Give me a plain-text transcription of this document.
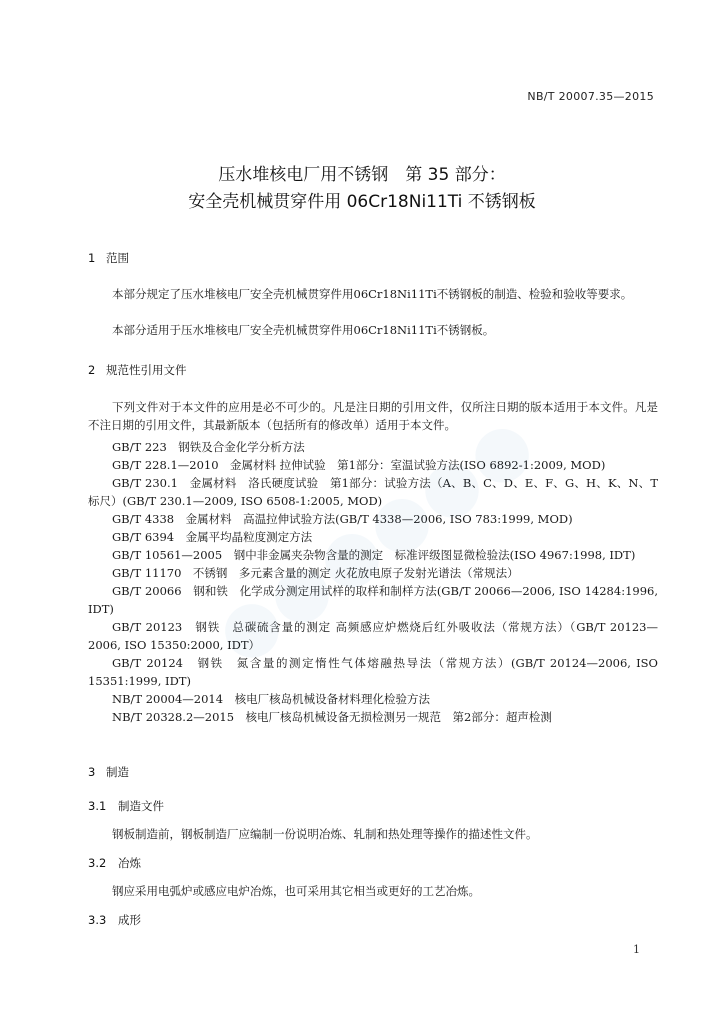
NB/T 20007.35—2015
压水堆核电厂用不锈钢　第 35 部分：
安全壳机械贯穿件用 06Cr18Ni11Ti 不锈钢板
1 范围

本部分规定了压水堆核电厂安全壳机械贯穿件用06Cr18Ni11Ti不锈钢板的制造、检验和验收等要求。

本部分适用于压水堆核电厂安全壳机械贯穿件用06Cr18Ni11Ti不锈钢板。

2 规范性引用文件

下列文件对于本文件的应用是必不可少的。凡是注日期的引用文件，仅所注日期的版本适用于本文件。凡是不注日期的引用文件，其最新版本（包括所有的修改单）适用于本文件。

GB/T 223　钢铁及合金化学分析方法

GB/T 228.1—2010　金属材料 拉伸试验　第1部分：室温试验方法(ISO 6892-1:2009, MOD)

GB/T 230.1　金属材料　洛氏硬度试验　第1部分：试验方法（A、B、C、D、E、F、G、H、K、N、T标尺）(GB/T 230.1—2009, ISO 6508-1:2005, MOD)

GB/T 4338　金属材料　高温拉伸试验方法(GB/T 4338—2006, ISO 783:1999, MOD)

GB/T 6394　金属平均晶粒度测定方法

GB/T 10561—2005　钢中非金属夹杂物含量的测定　标准评级图显微检验法(ISO 4967:1998, IDT)

GB/T 11170　不锈钢　多元素含量的测定 火花放电原子发射光谱法（常规法）

GB/T 20066　钢和铁　化学成分测定用试样的取样和制样方法(GB/T 20066—2006, ISO 14284:1996, IDT)

GB/T 20123　钢铁　总碳硫含量的测定 高频感应炉燃烧后红外吸收法（常规方法）（GB/T 20123—2006, ISO 15350:2000, IDT）

GB/T 20124　钢铁　氮含量的测定惰性气体熔融热导法（常规方法）(GB/T 20124—2006, ISO 15351:1999, IDT)

NB/T 20004—2014　核电厂核岛机械设备材料理化检验方法

NB/T 20328.2—2015　核电厂核岛机械设备无损检测另一规范　第2部分：超声检测

3 制造
3.1 制造文件

钢板制造前，钢板制造厂应编制一份说明冶炼、轧制和热处理等操作的描述性文件。

3.2 冶炼

钢应采用电弧炉或感应电炉冶炼，也可采用其它相当或更好的工艺冶炼。

3.3 成形
1
